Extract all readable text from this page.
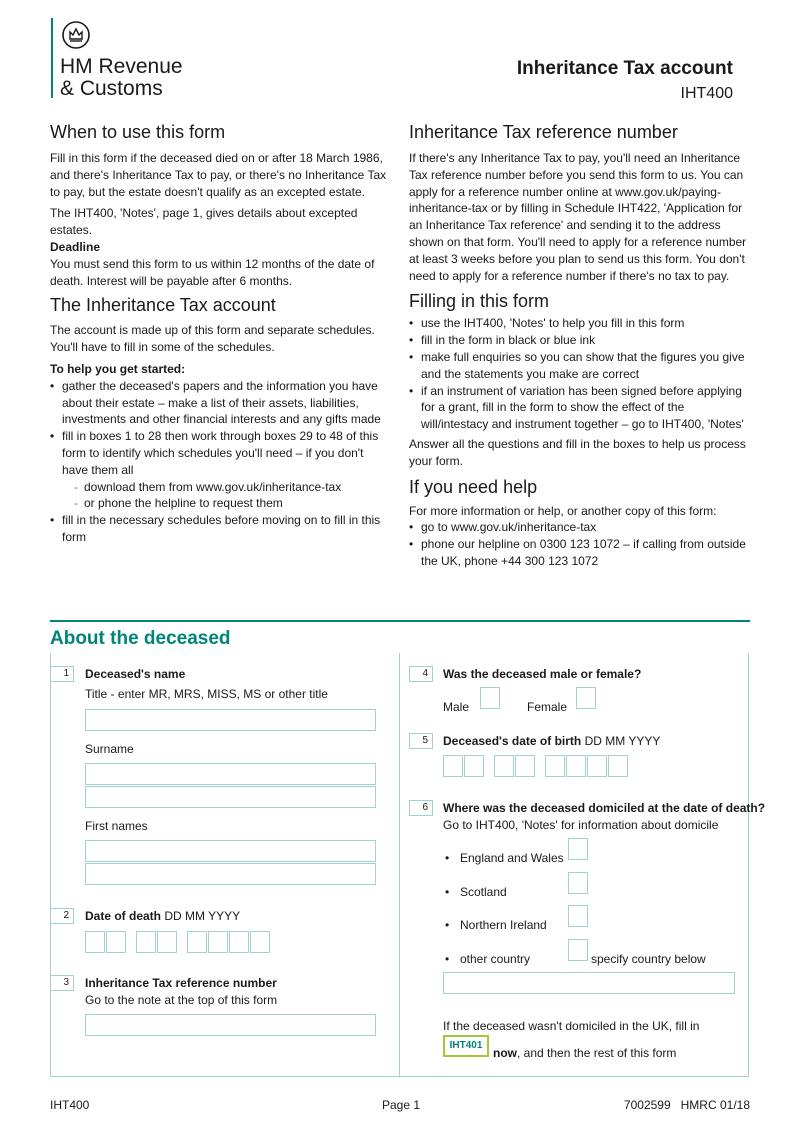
HM Revenue
& Customs
Inheritance Tax account
IHT400
When to use this form
Fill in this form if the deceased died on or after 18 March 1986, and there's Inheritance Tax to pay, or there's no Inheritance Tax to pay, but the estate doesn't qualify as an excepted estate.
The IHT400, 'Notes', page 1, gives details about excepted estates.
Deadline
You must send this form to us within 12 months of the date of death. Interest will be payable after 6 months.
The Inheritance Tax account
The account is made up of this form and separate schedules. You'll have to fill in some of the schedules.
To help you get started:
• gather the deceased's papers and the information you have about their estate – make a list of their assets, liabilities, investments and other financial interests and any gifts made
• fill in boxes 1 to 28 then work through boxes 29 to 48 of this form to identify which schedules you'll need – if you don't have them all
- download them from www.gov.uk/inheritance-tax
- or phone the helpline to request them
• fill in the necessary schedules before moving on to fill in this form
Inheritance Tax reference number
If there's any Inheritance Tax to pay, you'll need an Inheritance Tax reference number before you send this form to us. You can apply for a reference number online at www.gov.uk/paying-inheritance-tax or by filling in Schedule IHT422, 'Application for an Inheritance Tax reference' and sending it to the address shown on that form. You'll need to apply for a reference number at least 3 weeks before you plan to send us this form. You don't need to apply for a reference number if there's no tax to pay.
Filling in this form
• use the IHT400, 'Notes' to help you fill in this form
• fill in the form in black or blue ink
• make full enquiries so you can show that the figures you give and the statements you make are correct
• if an instrument of variation has been signed before applying for a grant, fill in the form to show the effect of the will/intestacy and instrument together – go to IHT400, 'Notes'
Answer all the questions and fill in the boxes to help us process your form.
If you need help
For more information or help, or another copy of this form:
• go to www.gov.uk/inheritance-tax
• phone our helpline on 0300 123 1072 – if calling from outside the UK, phone +44 300 123 1072
About the deceased
1	Deceased's name
Title - enter MR, MRS, MISS, MS or other title
Surname
First names
2	Date of death DD MM YYYY
3	Inheritance Tax reference number
Go to the note at the top of this form
4	Was the deceased male or female?
Male	Female
5	Deceased's date of birth DD MM YYYY
6	Where was the deceased domiciled at the date of death?
Go to IHT400, 'Notes' for information about domicile
• England and Wales
• Scotland
• Northern Ireland
• other country	specify country below
If the deceased wasn't domiciled in the UK, fill in
IHT401
now, and then the rest of this form
IHT400	Page 1	7002599   HMRC 01/18
